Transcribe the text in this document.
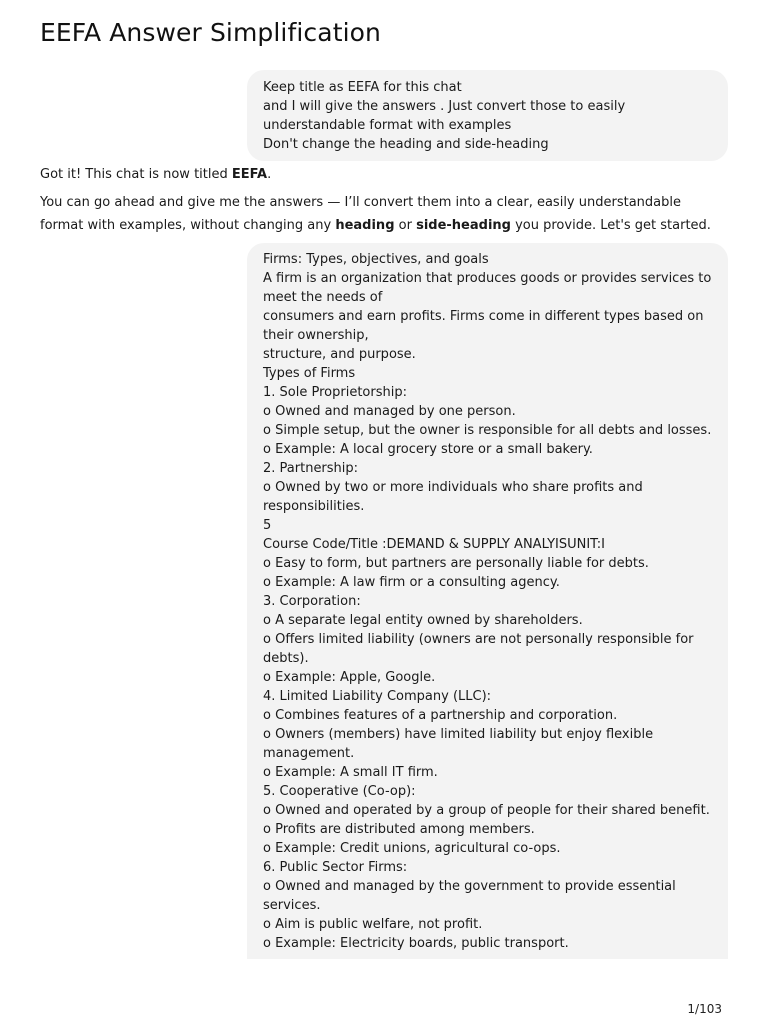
EEFA Answer Simplification
Keep title as EEFA for this chat
and I will give the answers . Just convert those to easily
understandable format with examples
Don't change the heading and side-heading
Got it! This chat is now titled EEFA.
You can go ahead and give me the answers — I’ll convert them into a clear, easily understandable format with examples, without changing any heading or side-heading you provide. Let's get started.
Firms: Types, objectives, and goals
A firm is an organization that produces goods or provides services to
meet the needs of
consumers and earn profits. Firms come in different types based on
their ownership,
structure, and purpose.
Types of Firms
1. Sole Proprietorship:
o Owned and managed by one person.
o Simple setup, but the owner is responsible for all debts and losses.
o Example: A local grocery store or a small bakery.
2. Partnership:
o Owned by two or more individuals who share profits and
responsibilities.
5
Course Code/Title :DEMAND & SUPPLY ANALYISUNIT:I
o Easy to form, but partners are personally liable for debts.
o Example: A law firm or a consulting agency.
3. Corporation:
o A separate legal entity owned by shareholders.
o Offers limited liability (owners are not personally responsible for
debts).
o Example: Apple, Google.
4. Limited Liability Company (LLC):
o Combines features of a partnership and corporation.
o Owners (members) have limited liability but enjoy flexible
management.
o Example: A small IT firm.
5. Cooperative (Co-op):
o Owned and operated by a group of people for their shared benefit.
o Profits are distributed among members.
o Example: Credit unions, agricultural co-ops.
6. Public Sector Firms:
o Owned and managed by the government to provide essential
services.
o Aim is public welfare, not profit.
o Example: Electricity boards, public transport.
1/103
